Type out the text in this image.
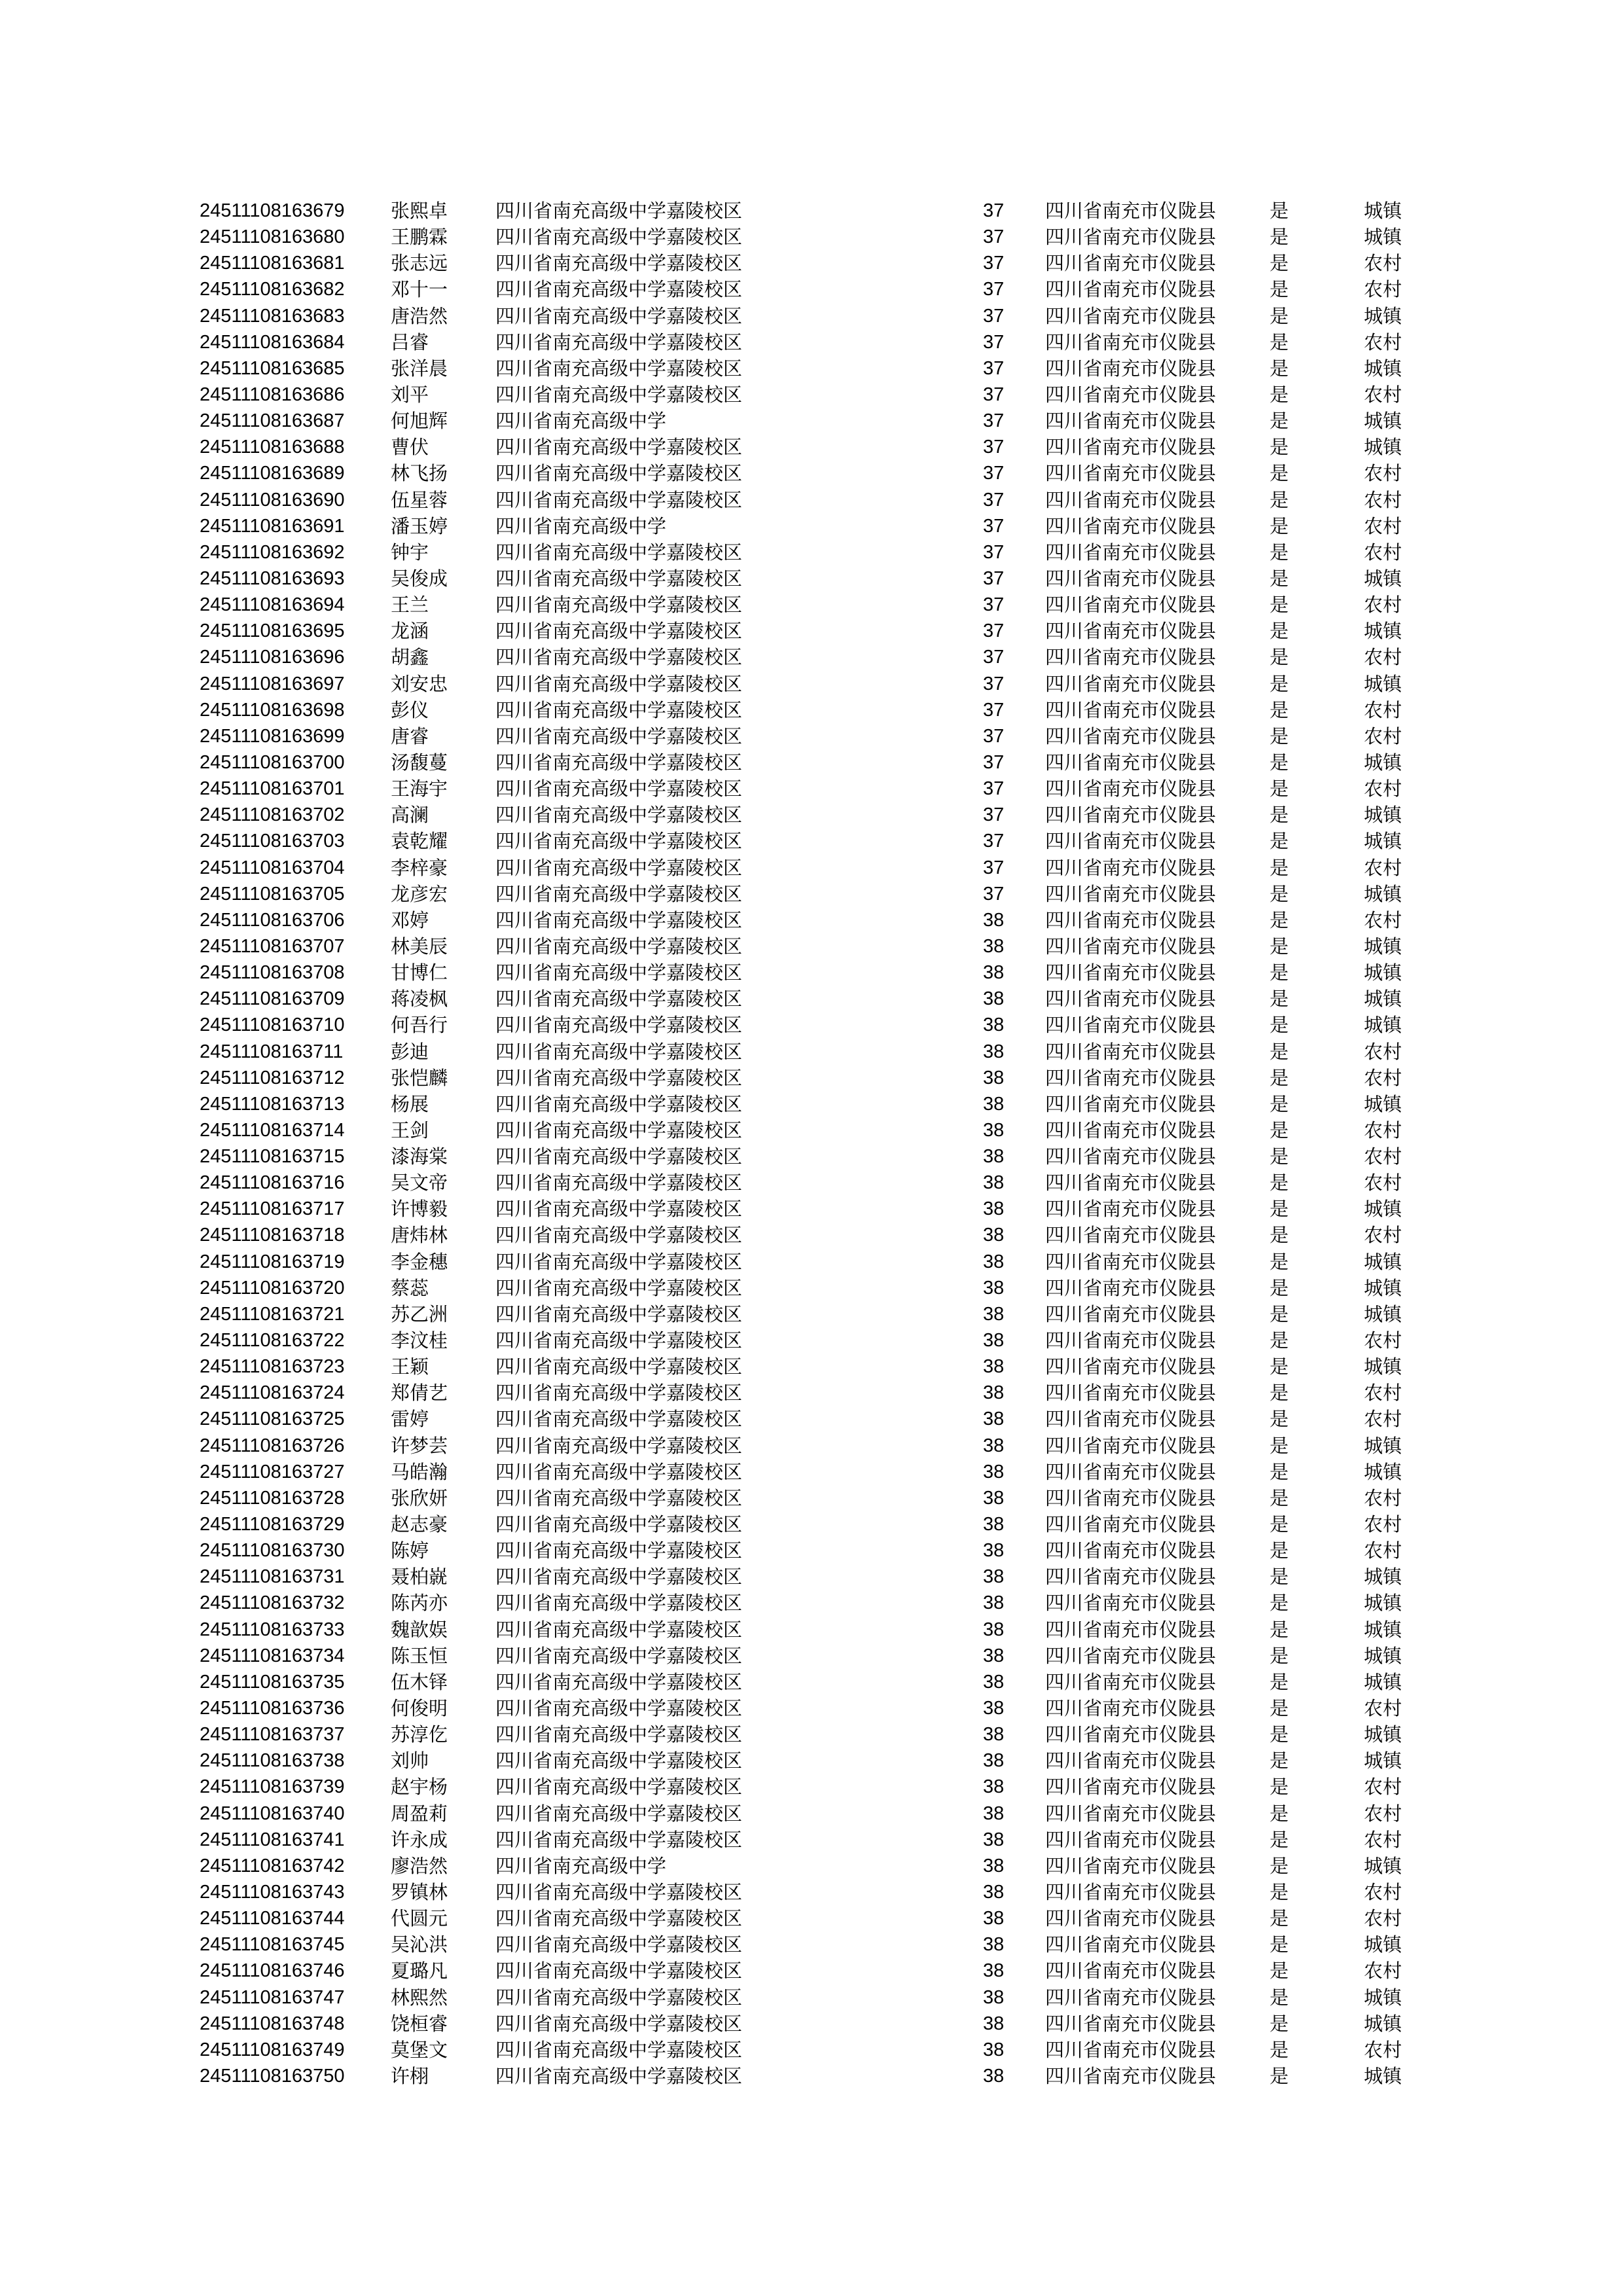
24511108163679 张熙卓	四川省南充高级中学嘉陵校区	37 四川省南充市仪陇县	是	城镇
24511108163680 王鹏霖	四川省南充高级中学嘉陵校区	37 四川省南充市仪陇县	是	城镇
24511108163681 张志远	四川省南充高级中学嘉陵校区	37 四川省南充市仪陇县	是	农村
24511108163682 邓十一	四川省南充高级中学嘉陵校区	37 四川省南充市仪陇县	是	农村
24511108163683 唐浩然	四川省南充高级中学嘉陵校区	37 四川省南充市仪陇县	是	城镇
24511108163684 吕睿	四川省南充高级中学嘉陵校区	37 四川省南充市仪陇县	是	农村
24511108163685 张洋晨	四川省南充高级中学嘉陵校区	37 四川省南充市仪陇县	是	城镇
24511108163686 刘平	四川省南充高级中学嘉陵校区	37 四川省南充市仪陇县	是	农村
24511108163687 何旭辉	四川省南充高级中学	37 四川省南充市仪陇县	是	城镇
24511108163688 曹伏	四川省南充高级中学嘉陵校区	37 四川省南充市仪陇县	是	城镇
24511108163689 林飞扬	四川省南充高级中学嘉陵校区	37 四川省南充市仪陇县	是	农村
24511108163690 伍星蓉	四川省南充高级中学嘉陵校区	37 四川省南充市仪陇县	是	农村
24511108163691 潘玉婷	四川省南充高级中学	37 四川省南充市仪陇县	是	农村
24511108163692 钟宇	四川省南充高级中学嘉陵校区	37 四川省南充市仪陇县	是	农村
24511108163693 吴俊成	四川省南充高级中学嘉陵校区	37 四川省南充市仪陇县	是	城镇
24511108163694 王兰	四川省南充高级中学嘉陵校区	37 四川省南充市仪陇县	是	农村
24511108163695 龙涵	四川省南充高级中学嘉陵校区	37 四川省南充市仪陇县	是	城镇
24511108163696 胡鑫	四川省南充高级中学嘉陵校区	37 四川省南充市仪陇县	是	农村
24511108163697 刘安忠	四川省南充高级中学嘉陵校区	37 四川省南充市仪陇县	是	城镇
24511108163698 彭仪	四川省南充高级中学嘉陵校区	37 四川省南充市仪陇县	是	农村
24511108163699 唐睿	四川省南充高级中学嘉陵校区	37 四川省南充市仪陇县	是	农村
24511108163700 汤馥蔓	四川省南充高级中学嘉陵校区	37 四川省南充市仪陇县	是	城镇
24511108163701 王海宇	四川省南充高级中学嘉陵校区	37 四川省南充市仪陇县	是	农村
24511108163702 高澜	四川省南充高级中学嘉陵校区	37 四川省南充市仪陇县	是	城镇
24511108163703 袁乾耀	四川省南充高级中学嘉陵校区	37 四川省南充市仪陇县	是	城镇
24511108163704 李梓豪	四川省南充高级中学嘉陵校区	37 四川省南充市仪陇县	是	农村
24511108163705 龙彦宏	四川省南充高级中学嘉陵校区	37 四川省南充市仪陇县	是	城镇
24511108163706 邓婷	四川省南充高级中学嘉陵校区	38 四川省南充市仪陇县	是	农村
24511108163707 林美辰	四川省南充高级中学嘉陵校区	38 四川省南充市仪陇县	是	城镇
24511108163708 甘博仁	四川省南充高级中学嘉陵校区	38 四川省南充市仪陇县	是	城镇
24511108163709 蒋凌枫	四川省南充高级中学嘉陵校区	38 四川省南充市仪陇县	是	城镇
24511108163710 何吾行	四川省南充高级中学嘉陵校区	38 四川省南充市仪陇县	是	城镇
24511108163711	彭迪	四川省南充高级中学嘉陵校区	38 四川省南充市仪陇县	是	农村
24511108163712 张恺麟	四川省南充高级中学嘉陵校区	38 四川省南充市仪陇县	是	农村
24511108163713 杨展	四川省南充高级中学嘉陵校区	38 四川省南充市仪陇县	是	城镇
24511108163714 王剑	四川省南充高级中学嘉陵校区	38 四川省南充市仪陇县	是	农村
24511108163715 漆海棠	四川省南充高级中学嘉陵校区	38 四川省南充市仪陇县	是	农村
24511108163716 吴文帝	四川省南充高级中学嘉陵校区	38 四川省南充市仪陇县	是	农村
24511108163717 许博毅	四川省南充高级中学嘉陵校区	38 四川省南充市仪陇县	是	城镇
24511108163718 唐炜林	四川省南充高级中学嘉陵校区	38 四川省南充市仪陇县	是	农村
24511108163719 李金穗	四川省南充高级中学嘉陵校区	38 四川省南充市仪陇县	是	城镇
24511108163720 蔡蕊	四川省南充高级中学嘉陵校区	38 四川省南充市仪陇县	是	城镇
24511108163721 苏乙洲	四川省南充高级中学嘉陵校区	38 四川省南充市仪陇县	是	城镇
24511108163722 李汶桂	四川省南充高级中学嘉陵校区	38 四川省南充市仪陇县	是	农村
24511108163723 王颖	四川省南充高级中学嘉陵校区	38 四川省南充市仪陇县	是	城镇
24511108163724 郑倩艺	四川省南充高级中学嘉陵校区	38 四川省南充市仪陇县	是	农村
24511108163725 雷婷	四川省南充高级中学嘉陵校区	38 四川省南充市仪陇县	是	农村
24511108163726 许梦芸	四川省南充高级中学嘉陵校区	38 四川省南充市仪陇县	是	城镇
24511108163727 马皓瀚	四川省南充高级中学嘉陵校区	38 四川省南充市仪陇县	是	城镇
24511108163728 张欣妍	四川省南充高级中学嘉陵校区	38 四川省南充市仪陇县	是	农村
24511108163729 赵志豪	四川省南充高级中学嘉陵校区	38 四川省南充市仪陇县	是	农村
24511108163730 陈婷	四川省南充高级中学嘉陵校区	38 四川省南充市仪陇县	是	农村
24511108163731 聂柏㠇	四川省南充高级中学嘉陵校区	38 四川省南充市仪陇县	是	城镇
24511108163732 陈芮亦	四川省南充高级中学嘉陵校区	38 四川省南充市仪陇县	是	城镇
24511108163733 魏歆娱	四川省南充高级中学嘉陵校区	38 四川省南充市仪陇县	是	城镇
24511108163734 陈玉恒	四川省南充高级中学嘉陵校区	38 四川省南充市仪陇县	是	城镇
24511108163735 伍木铎	四川省南充高级中学嘉陵校区	38 四川省南充市仪陇县	是	城镇
24511108163736 何俊明	四川省南充高级中学嘉陵校区	38 四川省南充市仪陇县	是	农村
24511108163737 苏淳仡	四川省南充高级中学嘉陵校区	38 四川省南充市仪陇县	是	城镇
24511108163738 刘帅	四川省南充高级中学嘉陵校区	38 四川省南充市仪陇县	是	城镇
24511108163739 赵宇杨	四川省南充高级中学嘉陵校区	38 四川省南充市仪陇县	是	农村
24511108163740 周盈莉	四川省南充高级中学嘉陵校区	38 四川省南充市仪陇县	是	农村
24511108163741 许永成	四川省南充高级中学嘉陵校区	38 四川省南充市仪陇县	是	农村
24511108163742 廖浩然	四川省南充高级中学	38 四川省南充市仪陇县	是	城镇
24511108163743 罗镇林	四川省南充高级中学嘉陵校区	38 四川省南充市仪陇县	是	农村
24511108163744 代圆元	四川省南充高级中学嘉陵校区	38 四川省南充市仪陇县	是	农村
24511108163745 吴沁洪	四川省南充高级中学嘉陵校区	38 四川省南充市仪陇县	是	城镇
24511108163746 夏璐凡	四川省南充高级中学嘉陵校区	38 四川省南充市仪陇县	是	农村
24511108163747 林熙然	四川省南充高级中学嘉陵校区	38 四川省南充市仪陇县	是	城镇
24511108163748 饶桓睿	四川省南充高级中学嘉陵校区	38 四川省南充市仪陇县	是	城镇
24511108163749 莫堡文	四川省南充高级中学嘉陵校区	38 四川省南充市仪陇县	是	农村
24511108163750 许栩	四川省南充高级中学嘉陵校区	38 四川省南充市仪陇县	是	城镇
